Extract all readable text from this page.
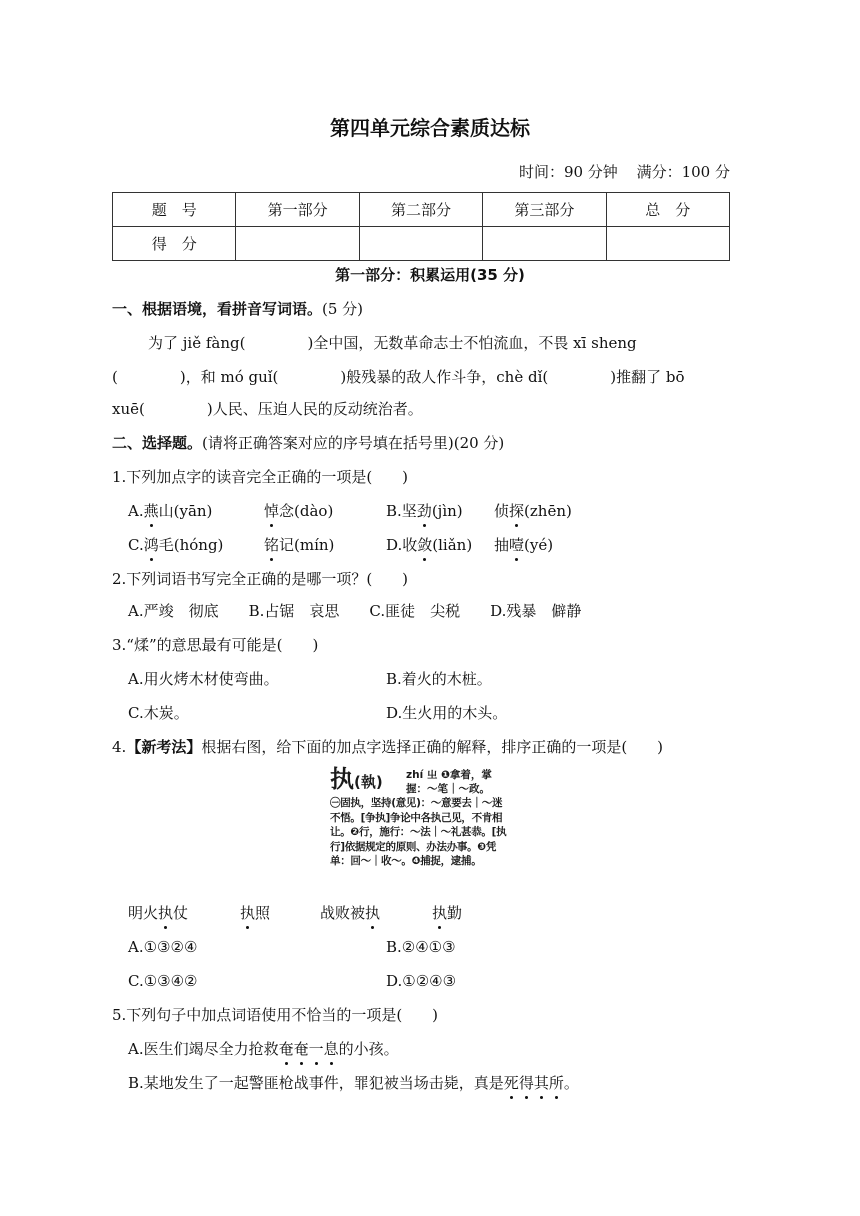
第四单元综合素质达标
时间：90 分钟 满分：100 分
题　号	第一部分	第二部分	第三部分	总　分
得　分				
第一部分：积累运用(35 分)
一、根据语境，看拼音写词语。(5 分)
为了 jiě fàng(	)全中国，无数革命志士不怕流血，不畏 xī sheng
(	)，和 mó guǐ(	)般残暴的敌人作斗争，chè dǐ(	)推翻了 bō
xuē(	)人民、压迫人民的反动统治者。
二、选择题。(请将正确答案对应的序号填在括号里)(20 分)
1.下列加点字的读音完全正确的一项是(　　)
A.燕山(yān)	悼念(dào)	B.坚劲(jìn) 侦探(zhēn)
C.鸿毛(hóng)	铭记(mín)	D.收敛(liǎn) 抽噎(yé)
2.下列词语书写完全正确的是哪一项？(　　)
A.严竣　彻底　　B.占锯　哀思　　C.匪徒　尖税　　D.残暴　僻静
3.“煣”的意思最有可能是(　　)
A.用火烤木材使弯曲。	B.着火的木桩。
C.木炭。	D.生火用的木头。
4.【新考法】根据右图，给下面的加点字选择正确的解释，排序正确的一项是(　　)
执(執) zhí 㞢 ❶拿着，掌握：～笔｜～政。
㊀固执，坚持(意见)：～意要去｜～迷不悟。[争执]争论中各执己见，不肯相让。❷行，施行：～法｜～礼甚恭。[执行]依据规定的原则、办法办事。❸凭单：回～｜收～。❹捕捉，逮捕。
明火执仗	执照	战败被执	执勤
A.①③②④	B.②④①③
C.①③④②	D.①②④③
5.下列句子中加点词语使用不恰当的一项是(　　)
A.医生们竭尽全力抢救奄奄一息的小孩。
B.某地发生了一起警匪枪战事件，罪犯被当场击毙，真是死得其所。
